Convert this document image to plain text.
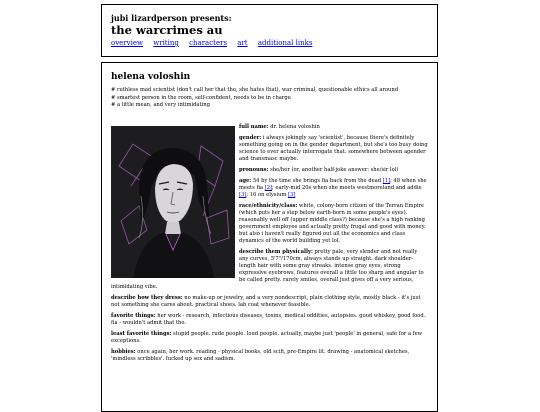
jubi lizardperson presents:
the warcrimes au
overview writing characters art additional links
helena voloshin
# ruthless mad scientist (don't call her that tho, she hates that), war criminal, questionable ethics all around
# smartest person in the room, self-confident, needs to be in charge
# a little mean, and very intimidating

full name: dr. helena voloshin

gender: i always jokingly say 'scientist', because there's definitely something going on in the gender department, but she's too busy doing science to ever actually interrogate that. somewhere between agender and transmasc maybe.

pronouns: she/her (or, another half-joke answer: she/sir lol)

age: 54 by the time she brings fia back from the dead [1]; 48 when she meets fia [2]; early-mid 20s when she meets westmoreland and addie [3]; 16 on elysium [3]

race/ethnicity/class: white, colony-born citizen of the Terran Empire (which puts her a step below earth-born in some people's eyes). reasonably well off (upper middle class?) because she's a high ranking government employee and actually pretty frugal and good with money. but also i haven't really figured out all the economics and class dynamics of the world building yet lol.

describe them physically: pretty pale, very slender and not really any curves, 5'7"/170cm, always stands up straight. dark shoulder-length hair with some gray streaks. intense gray eyes, strong expressive eyebrows, features overall a little too sharp and angular to be called pretty. rarely smiles, overall just gives off a very serious, intimidating vibe.

describe how they dress: no make-up or jewelry, and a very nondescript, plain clothing style, mostly black - it's just not something she cares about. practical shoes. lab coat whenever feasible.

favorite things: her work - research, infectious diseases, toxins, medical oddities, autopsies. good whiskey, good food. fia - wouldn't admit that tho.

least favorite things: stupid people. rude people. loud people. actually, maybe just 'people' in general, safe for a few exceptions.

hobbies: once again, her work. reading - physical books, old scifi, pre-Empire lit. drawing - anatomical sketches, 'mindless scribbles'. fucked up sex and sadism.
